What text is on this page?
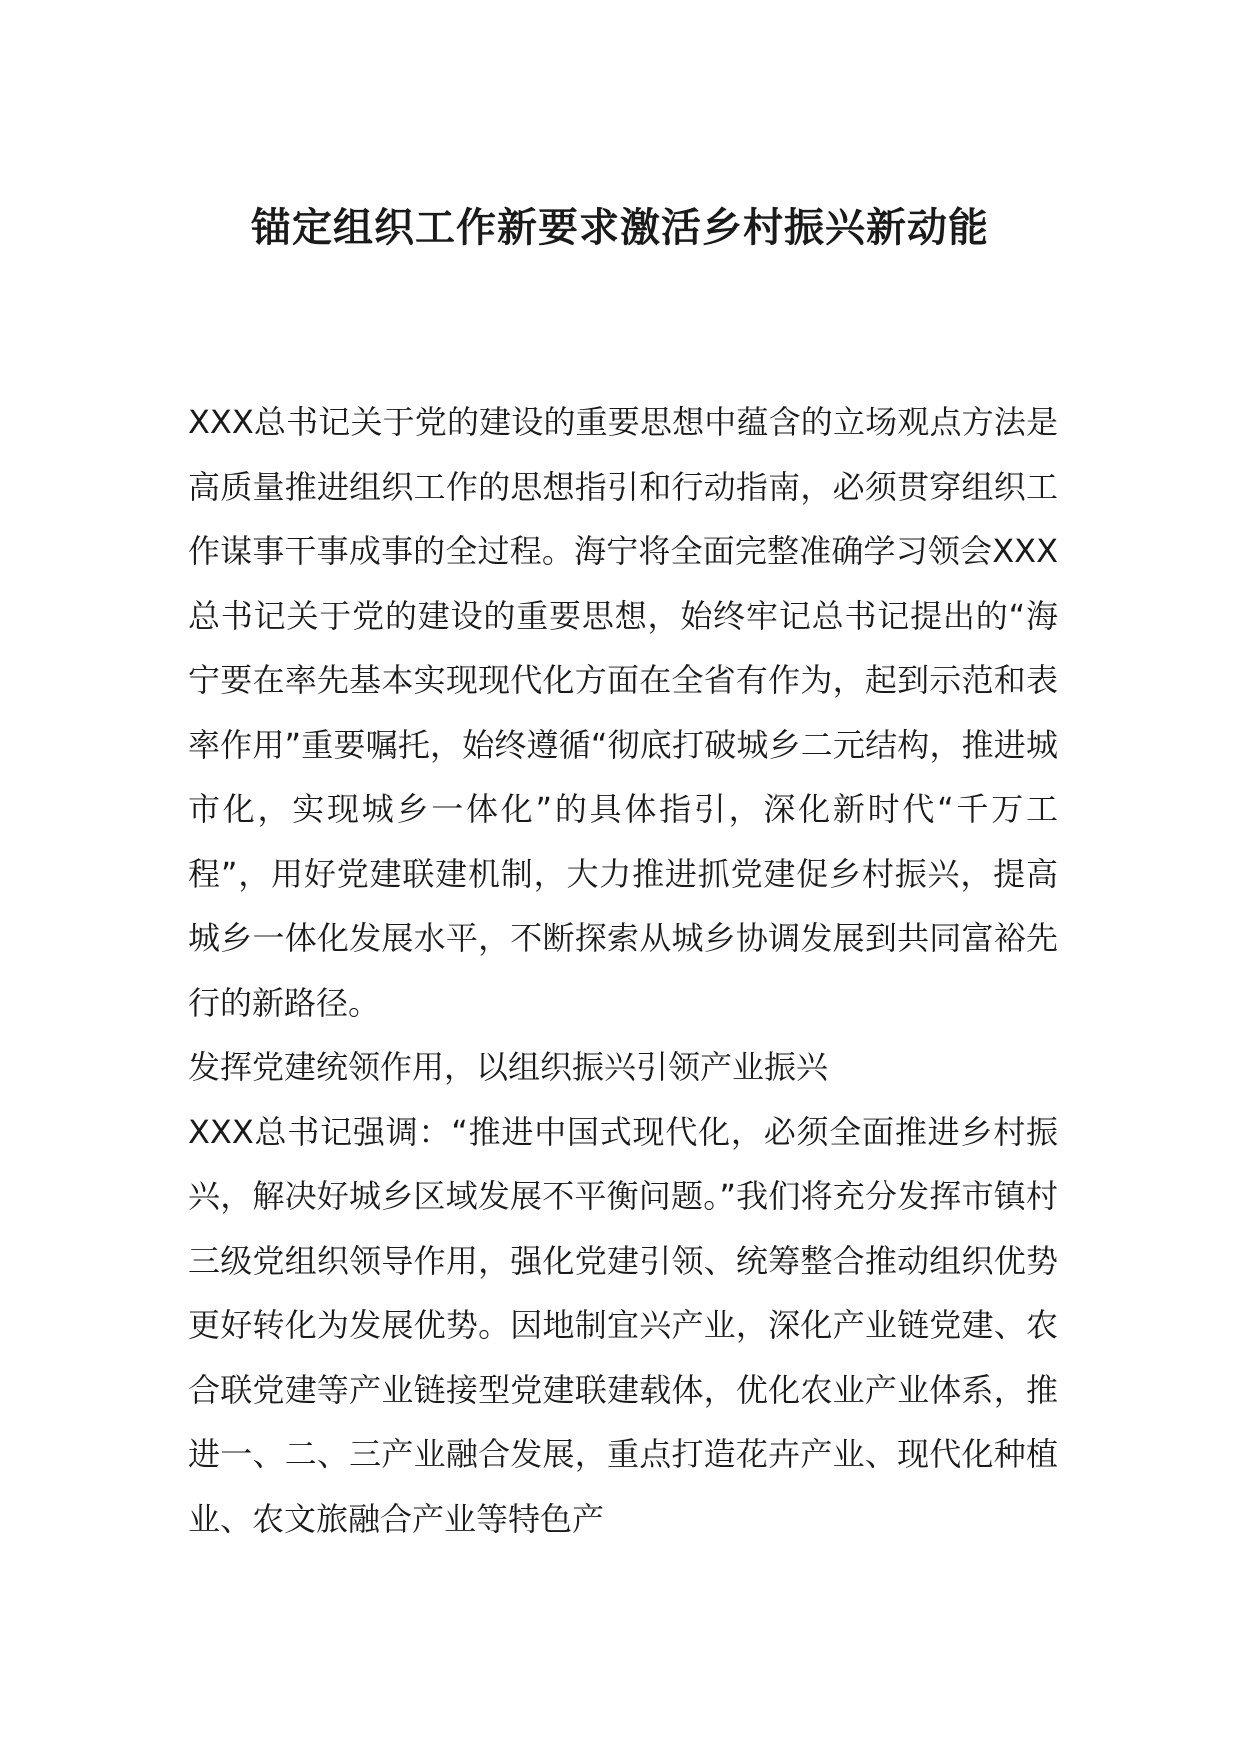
锚定组织工作新要求激活乡村振兴新动能

XXX总书记关于党的建设的重要思想中蕴含的立场观点方法是高质量推进组织工作的思想指引和行动指南，必须贯穿组织工作谋事干事成事的全过程。海宁将全面完整准确学习领会XXX总书记关于党的建设的重要思想，始终牢记总书记提出的“海宁要在率先基本实现现代化方面在全省有作为，起到示范和表率作用”重要嘱托，始终遵循“彻底打破城乡二元结构，推进城市化，实现城乡一体化”的具体指引，深化新时代“千万工程”，用好党建联建机制，大力推进抓党建促乡村振兴，提高城乡一体化发展水平，不断探索从城乡协调发展到共同富裕先行的新路径。

发挥党建统领作用，以组织振兴引领产业振兴

XXX总书记强调：“推进中国式现代化，必须全面推进乡村振兴，解决好城乡区域发展不平衡问题。”我们将充分发挥市镇村三级党组织领导作用，强化党建引领、统筹整合推动组织优势更好转化为发展优势。因地制宜兴产业，深化产业链党建、农合联党建等产业链接型党建联建载体，优化农业产业体系，推进一、二、三产业融合发展，重点打造花卉产业、现代化种植业、农文旅融合产业等特色产
